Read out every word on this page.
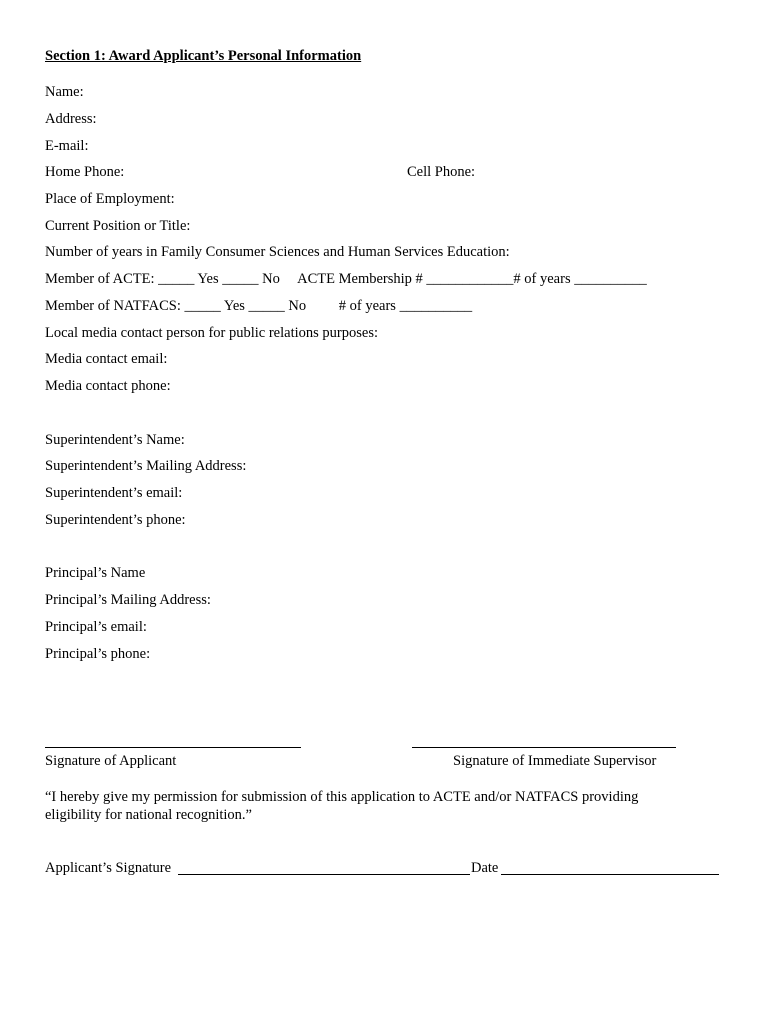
Section 1: Award Applicant’s Personal Information
Name:
Address:
E-mail:
Home Phone:	Cell Phone:
Place of Employment:
Current Position or Title:
Number of years in Family Consumer Sciences and Human Services Education:
Member of ACTE: _____ Yes _____ No     ACTE Membership # ____________# of years __________
Member of NATFACS: _____ Yes _____ No         # of years __________
Local media contact person for public relations purposes:
Media contact email:
Media contact phone:
Superintendent’s Name:
Superintendent’s Mailing Address:
Superintendent’s email:
Superintendent’s phone:
Principal’s Name
Principal’s Mailing Address:
Principal’s email:
Principal’s phone:
Signature of Applicant	Signature of Immediate Supervisor
“I hereby give my permission for submission of this application to ACTE and/or NATFACS providing
eligibility for national recognition.”
Applicant’s Signature	Date
